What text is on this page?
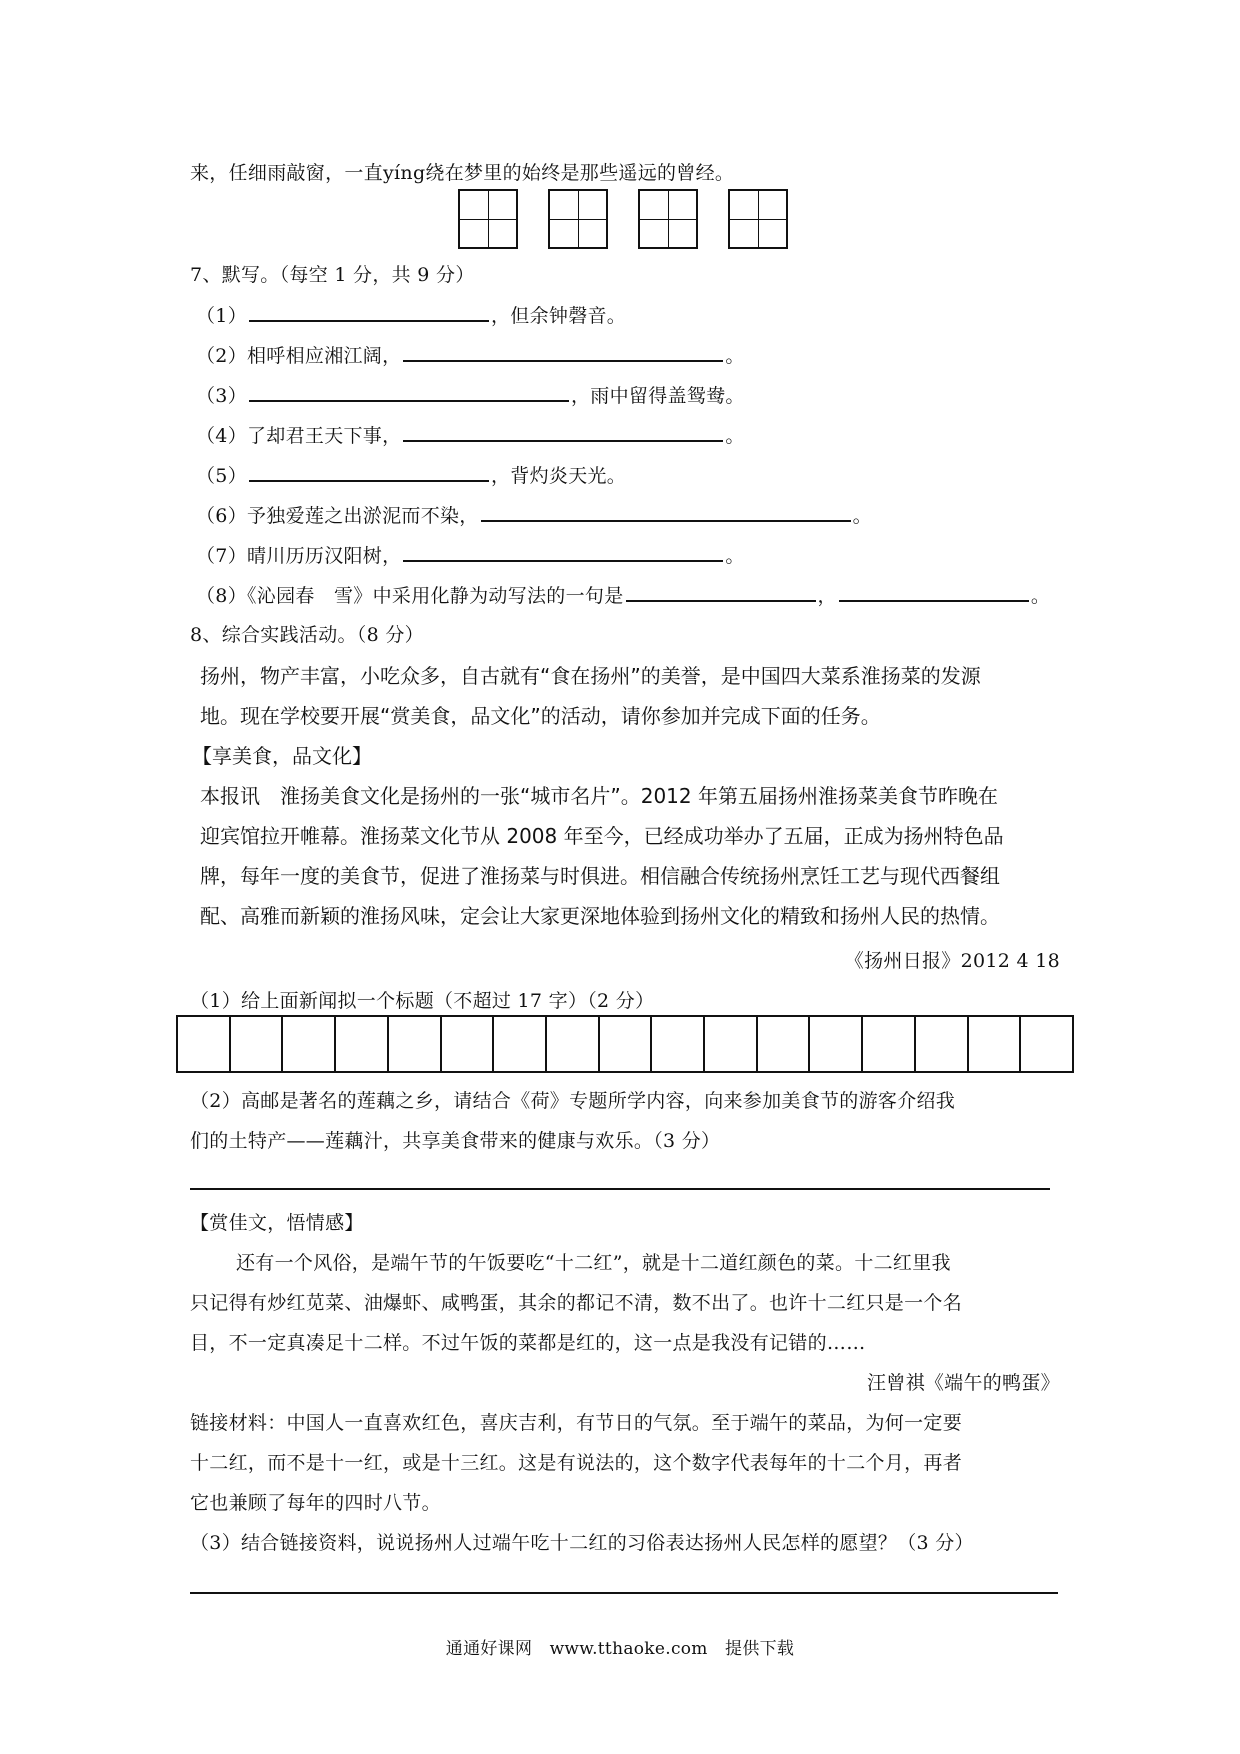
来，任细雨敲窗，一直yíng绕在梦里的始终是那些遥远的曾经。
7、默写。（每空 1 分，共 9 分）
（1）	，但余钟磬音。
（2）相呼相应湘江阔，	。
（3）	，雨中留得盖鸳鸯。
（4）了却君王天下事，	。
（5）	，背灼炎天光。
（6）予独爱莲之出淤泥而不染，	。
（7）晴川历历汉阳树，	。
（8）《沁园春　雪》中采用化静为动写法的一句是	，	。
8、综合实践活动。（8 分）
扬州，物产丰富，小吃众多，自古就有“食在扬州”的美誉，是中国四大菜系淮扬菜的发源
地。现在学校要开展“赏美食，品文化”的活动，请你参加并完成下面的任务。
【享美食，品文化】
本报讯　淮扬美食文化是扬州的一张“城市名片”。2012 年第五届扬州淮扬菜美食节昨晚在
迎宾馆拉开帷幕。淮扬菜文化节从 2008 年至今，已经成功举办了五届，正成为扬州特色品
牌，每年一度的美食节，促进了淮扬菜与时俱进。相信融合传统扬州烹饪工艺与现代西餐组
配、高雅而新颖的淮扬风味，定会让大家更深地体验到扬州文化的精致和扬州人民的热情。
《扬州日报》2012 4 18
（1）给上面新闻拟一个标题（不超过 17 字）（2 分）
（2）高邮是著名的莲藕之乡，请结合《荷》专题所学内容，向来参加美食节的游客介绍我
们的土特产——莲藕汁，共享美食带来的健康与欢乐。（3 分）
【赏佳文，悟情感】
还有一个风俗，是端午节的午饭要吃“十二红”，就是十二道红颜色的菜。十二红里我
只记得有炒红苋菜、油爆虾、咸鸭蛋，其余的都记不清，数不出了。也许十二红只是一个名
目，不一定真凑足十二样。不过午饭的菜都是红的，这一点是我没有记错的……
汪曾祺《端午的鸭蛋》
链接材料：中国人一直喜欢红色，喜庆吉利，有节日的气氛。至于端午的菜品，为何一定要
十二红，而不是十一红，或是十三红。这是有说法的，这个数字代表每年的十二个月，再者
它也兼顾了每年的四时八节。
（3）结合链接资料，说说扬州人过端午吃十二红的习俗表达扬州人民怎样的愿望？（3 分）
通通好课网　www.tthaoke.com　提供下载
